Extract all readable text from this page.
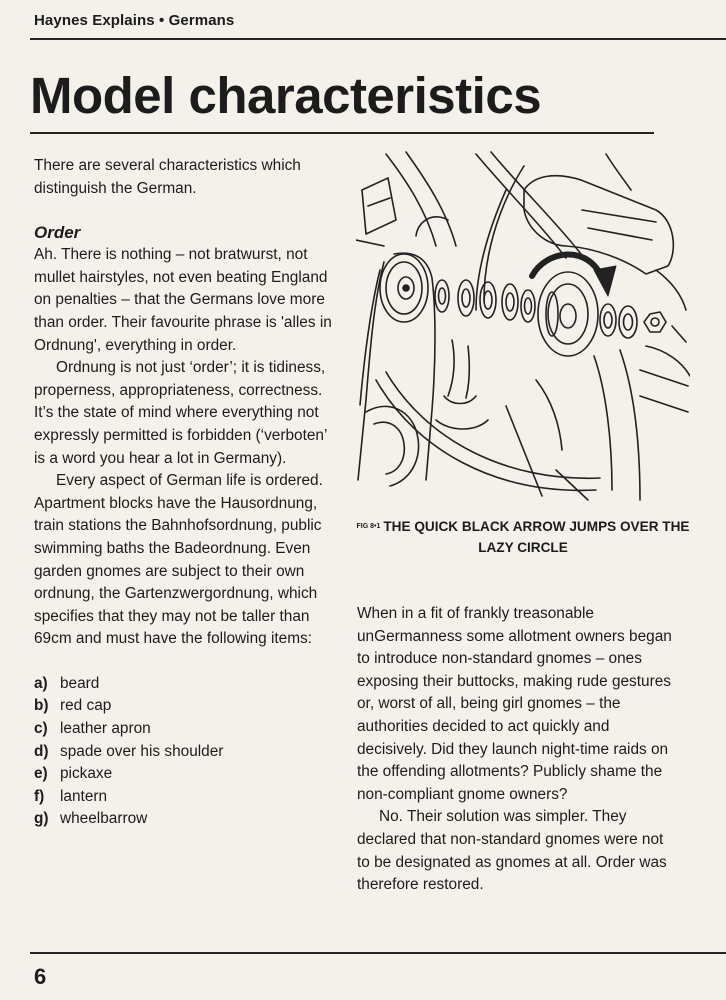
Haynes Explains • Germans
Model characteristics

There are several characteristics which distinguish the German.

Order

Ah. There is nothing – not bratwurst, not mullet hairstyles, not even beating England on penalties – that the Germans love more than order. Their favourite phrase is 'alles in Ordnung', everything in order.

Ordnung is not just ‘order’; it is tidiness, properness, appropriateness, correctness. It’s the state of mind where everything not expressly permitted is forbidden (‘verboten’ is a word you hear a lot in Germany).

Every aspect of German life is ordered. Apartment blocks have the Hausordnung, train stations the Bahnhofsordnung, public swimming baths the Badeordnung. Even garden gnomes are subject to their own ordnung, the Gartenzwergordnung, which specifies that they may not be taller than 69cm and must have the following items:

a) beard
b) red cap
c) leather apron
d) spade over his shoulder
e) pickaxe
f) lantern
g) wheelbarrow
$^{FIG 8•1}$ THE QUICK BLACK ARROW JUMPS OVER THE LAZY CIRCLE

When in a fit of frankly treasonable unGermanness some allotment owners began to introduce non-standard gnomes – ones exposing their buttocks, making rude gestures or, worst of all, being girl gnomes – the authorities decided to act quickly and decisively. Did they launch night-time raids on the offending allotments? Publicly shame the non-compliant gnome owners?

No. Their solution was simpler. They declared that non-standard gnomes were not to be designated as gnomes at all. Order was therefore restored.

6
